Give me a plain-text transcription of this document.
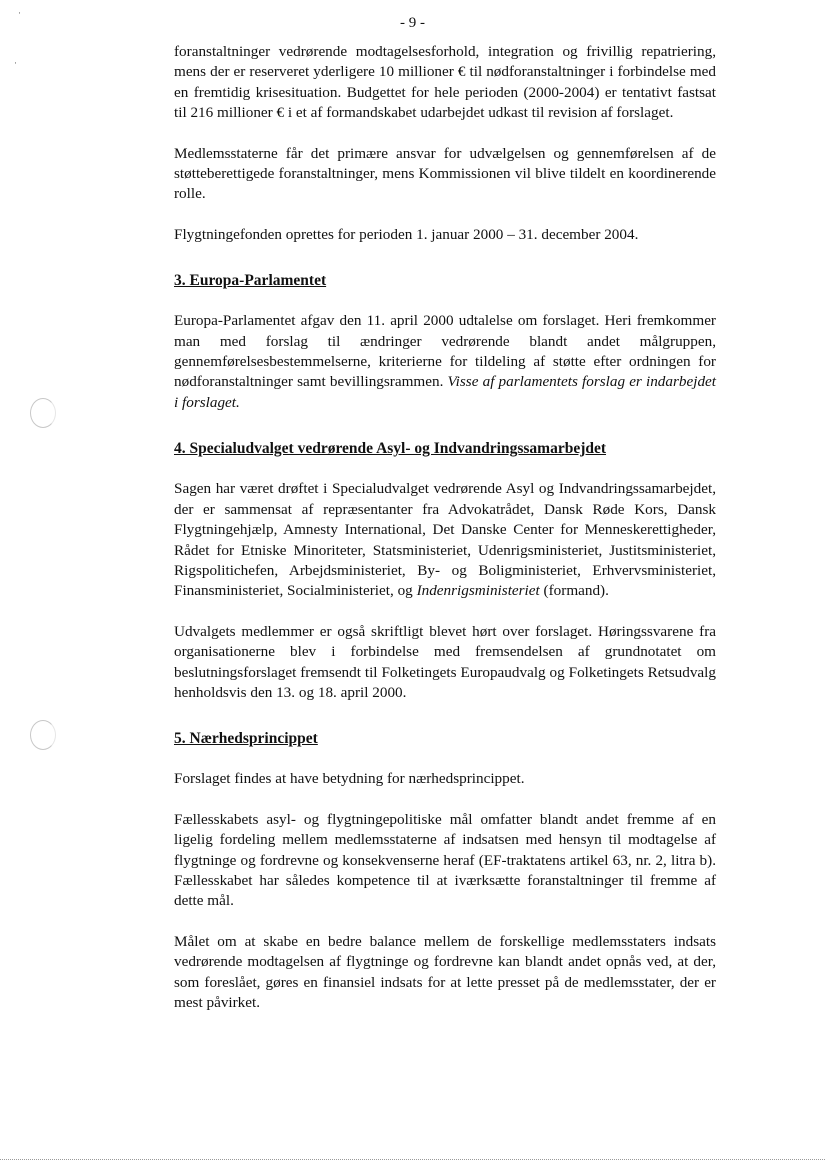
- 9 -

foranstaltninger vedrørende modtagelsesforhold, integration og frivillig repatriering, mens der er reserveret yderligere 10 millioner € til nødforanstaltninger i forbindelse med en fremtidig krisesituation. Budgettet for hele perioden (2000-2004) er tentativt fastsat til 216 millioner € i et af formandskabet udarbejdet udkast til revision af forslaget.

Medlemsstaterne får det primære ansvar for udvælgelsen og gennemførelsen af de støtteberettigede foranstaltninger, mens Kommissionen vil blive tildelt en koordinerende rolle.

Flygtningefonden oprettes for perioden 1. januar 2000 – 31. december 2004.

3. Europa-Parlamentet

Europa-Parlamentet afgav den 11. april 2000 udtalelse om forslaget. Heri fremkommer man med forslag til ændringer vedrørende blandt andet målgruppen, gennemførelsesbestemmelserne, kriterierne for tildeling af støtte efter ordningen for nødforanstaltninger samt bevillingsrammen. Visse af parlamentets forslag er indarbejdet i forslaget.

4. Specialudvalget vedrørende Asyl- og Indvandringssamarbejdet

Sagen har været drøftet i Specialudvalget vedrørende Asyl og Indvandringssamarbejdet, der er sammensat af repræsentanter fra Advokatrådet, Dansk Røde Kors, Dansk Flygtningehjælp, Amnesty International, Det Danske Center for Menneskerettigheder, Rådet for Etniske Minoriteter, Statsministeriet, Udenrigsministeriet, Justitsministeriet, Rigspolitichefen, Arbejdsministeriet, By- og Boligministeriet, Erhvervsministeriet, Finansministeriet, Socialministeriet, og Indenrigsministeriet (formand).

Udvalgets medlemmer er også skriftligt blevet hørt over forslaget. Høringssvarene fra organisationerne blev i forbindelse med fremsendelsen af grundnotatet om beslutningsforslaget fremsendt til Folketingets Europaudvalg og Folketingets Retsudvalg henholdsvis den 13. og 18. april 2000.

5. Nærhedsprincippet

Forslaget findes at have betydning for nærhedsprincippet.

Fællesskabets asyl- og flygtningepolitiske mål omfatter blandt andet fremme af en ligelig fordeling mellem medlemsstaterne af indsatsen med hensyn til modtagelse af flygtninge og fordrevne og konsekvenserne heraf (EF-traktatens artikel 63, nr. 2, litra b). Fællesskabet har således kompetence til at iværksætte foranstaltninger til fremme af dette mål.

Målet om at skabe en bedre balance mellem de forskellige medlemsstaters indsats vedrørende modtagelsen af flygtninge og fordrevne kan blandt andet opnås ved, at der, som foreslået, gøres en finansiel indsats for at lette presset på de medlemsstater, der er mest påvirket.

·
·
